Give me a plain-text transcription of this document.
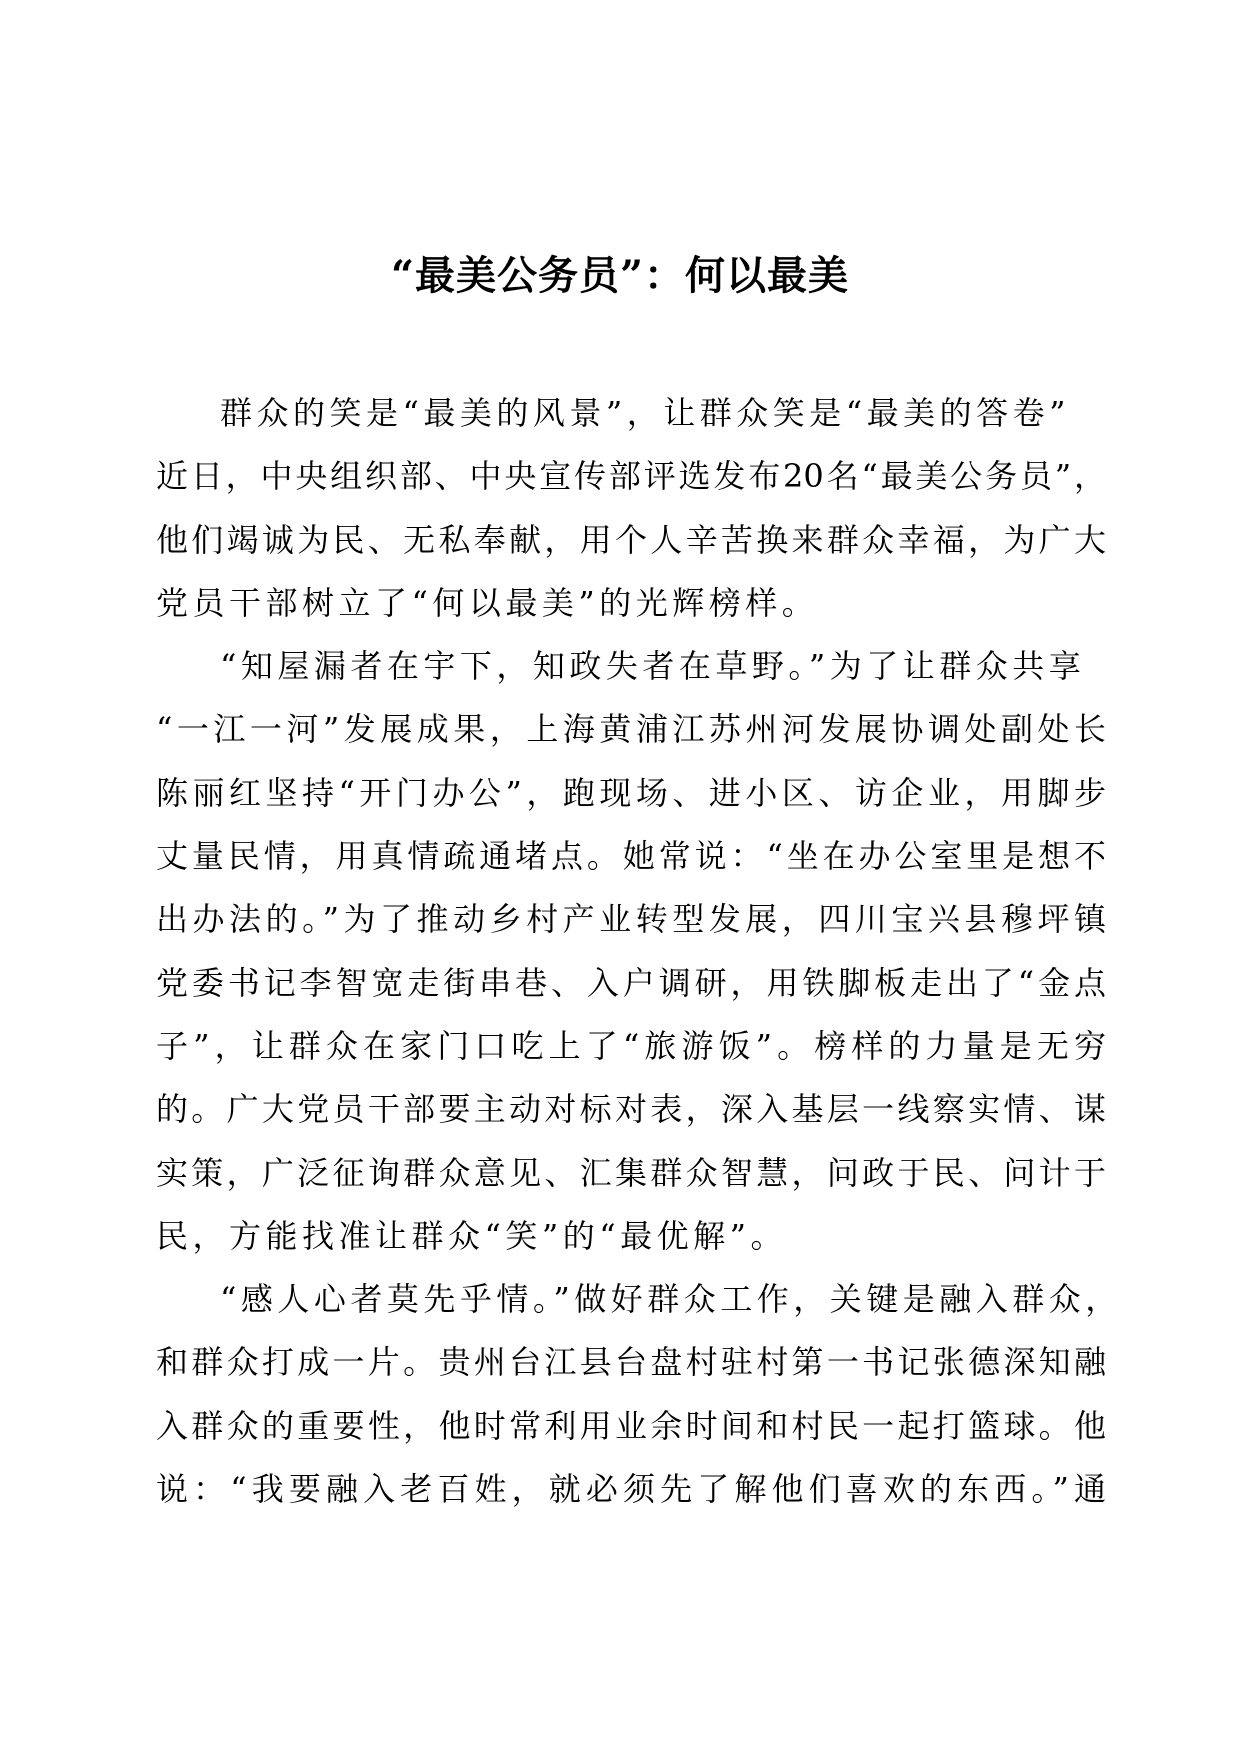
“最美公务员”：何以最美
群众的笑是“最美的风景”，让群众笑是“最美的答卷”
近日，中央组织部、中央宣传部评选发布20名“最美公务员”，
他们竭诚为民、无私奉献，用个人辛苦换来群众幸福，为广大
党员干部树立了“何以最美”的光辉榜样。
“知屋漏者在宇下，知政失者在草野。”为了让群众共享
“一江一河”发展成果，上海黄浦江苏州河发展协调处副处长
陈丽红坚持“开门办公”，跑现场、进小区、访企业，用脚步
丈量民情，用真情疏通堵点。她常说：“坐在办公室里是想不
出办法的。”为了推动乡村产业转型发展，四川宝兴县穆坪镇
党委书记李智宽走街串巷、入户调研，用铁脚板走出了“金点
子”，让群众在家门口吃上了“旅游饭”。榜样的力量是无穷
的。广大党员干部要主动对标对表，深入基层一线察实情、谋
实策，广泛征询群众意见、汇集群众智慧，问政于民、问计于
民，方能找准让群众“笑”的“最优解”。
“感人心者莫先乎情。”做好群众工作，关键是融入群众，
和群众打成一片。贵州台江县台盘村驻村第一书记张德深知融
入群众的重要性，他时常利用业余时间和村民一起打篮球。他
说：“我要融入老百姓，就必须先了解他们喜欢的东西。”通
